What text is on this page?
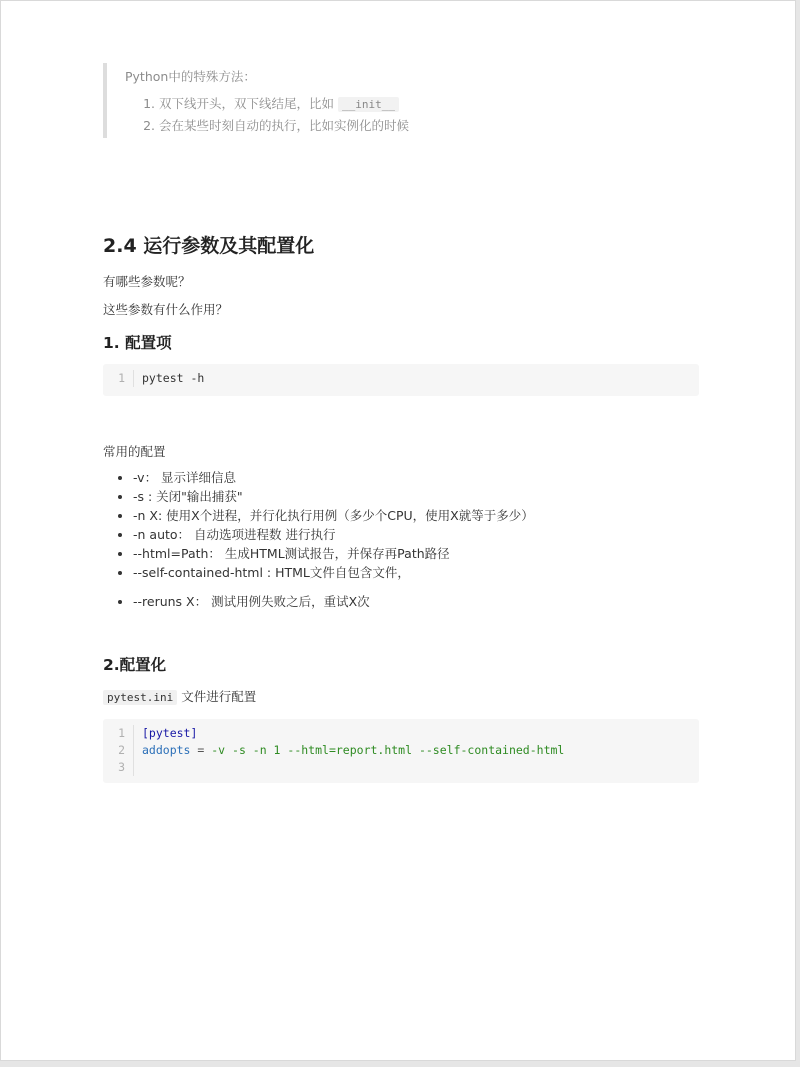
Python中的特殊方法：

1. 双下线开头，双下线结尾，比如 __init__
2. 会在某些时刻自动的执行，比如实例化的时候
2.4 运行参数及其配置化

有哪些参数呢？

这些参数有什么作用？

1. 配置项
1	pytest -h

常用的配置

• -v： 显示详细信息
• -s : 关闭"输出捕获"
• -n X: 使用X个进程，并行化执行用例（多少个CPU，使用X就等于多少）
• -n auto： 自动选项进程数 进行执行
• --html=Path： 生成HTML测试报告，并保存再Path路径
• --self-contained-html : HTML文件自包含文件，
• --reruns X： 测试用例失败之后，重试X次
2.配置化
pytest.ini 文件进行配置
1	[pytest]
2	addopts = -v -s -n 1 --html=report.html --self-contained-html
3
